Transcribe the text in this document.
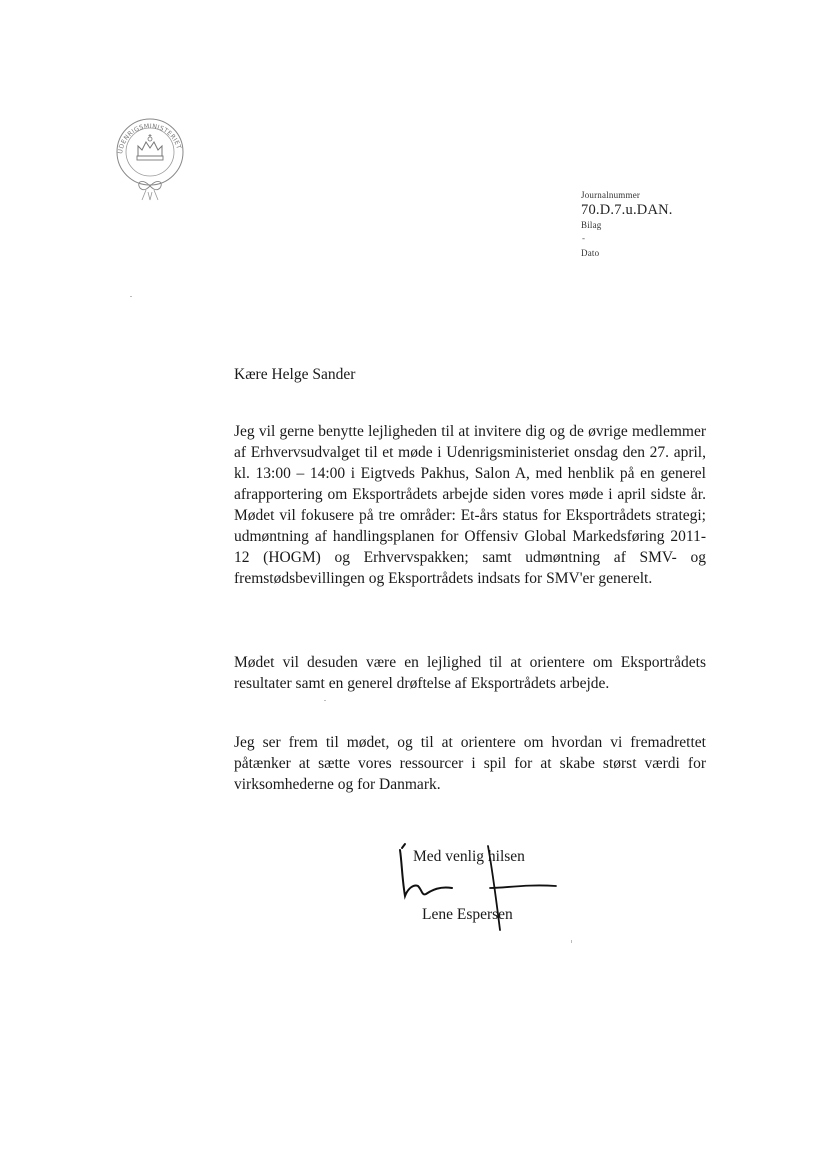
UDENRIGSMINISTERIET
Journalnummer
70.D.7.u.DAN.
Bilag
-
Dato
Kære Helge Sander
Jeg vil gerne benytte lejligheden til at invitere dig og de øvrige medlemmer af Erhvervsudvalget til et møde i Udenrigsministeriet onsdag den 27. april, kl. 13:00 – 14:00 i Eigtveds Pakhus, Salon A, med henblik på en generel afrapportering om Eksportrådets arbejde siden vores møde i april sidste år. Mødet vil fokusere på tre områder: Et-års status for Eksportrådets strategi; udmøntning af handlingsplanen for Offensiv Global Markedsføring 2011-12 (HOGM) og Erhvervspakken; samt udmøntning af SMV- og fremstødsbevillingen og Eksportrådets indsats for SMV'er generelt.
Mødet vil desuden være en lejlighed til at orientere om Eksportrådets resultater samt en generel drøftelse af Eksportrådets arbejde.
Jeg ser frem til mødet, og til at orientere om hvordan vi fremadrettet påtænker at sætte vores ressourcer i spil for at skabe størst værdi for virksomhederne og for Danmark.
Med venlig hilsen
Lene Espersen
